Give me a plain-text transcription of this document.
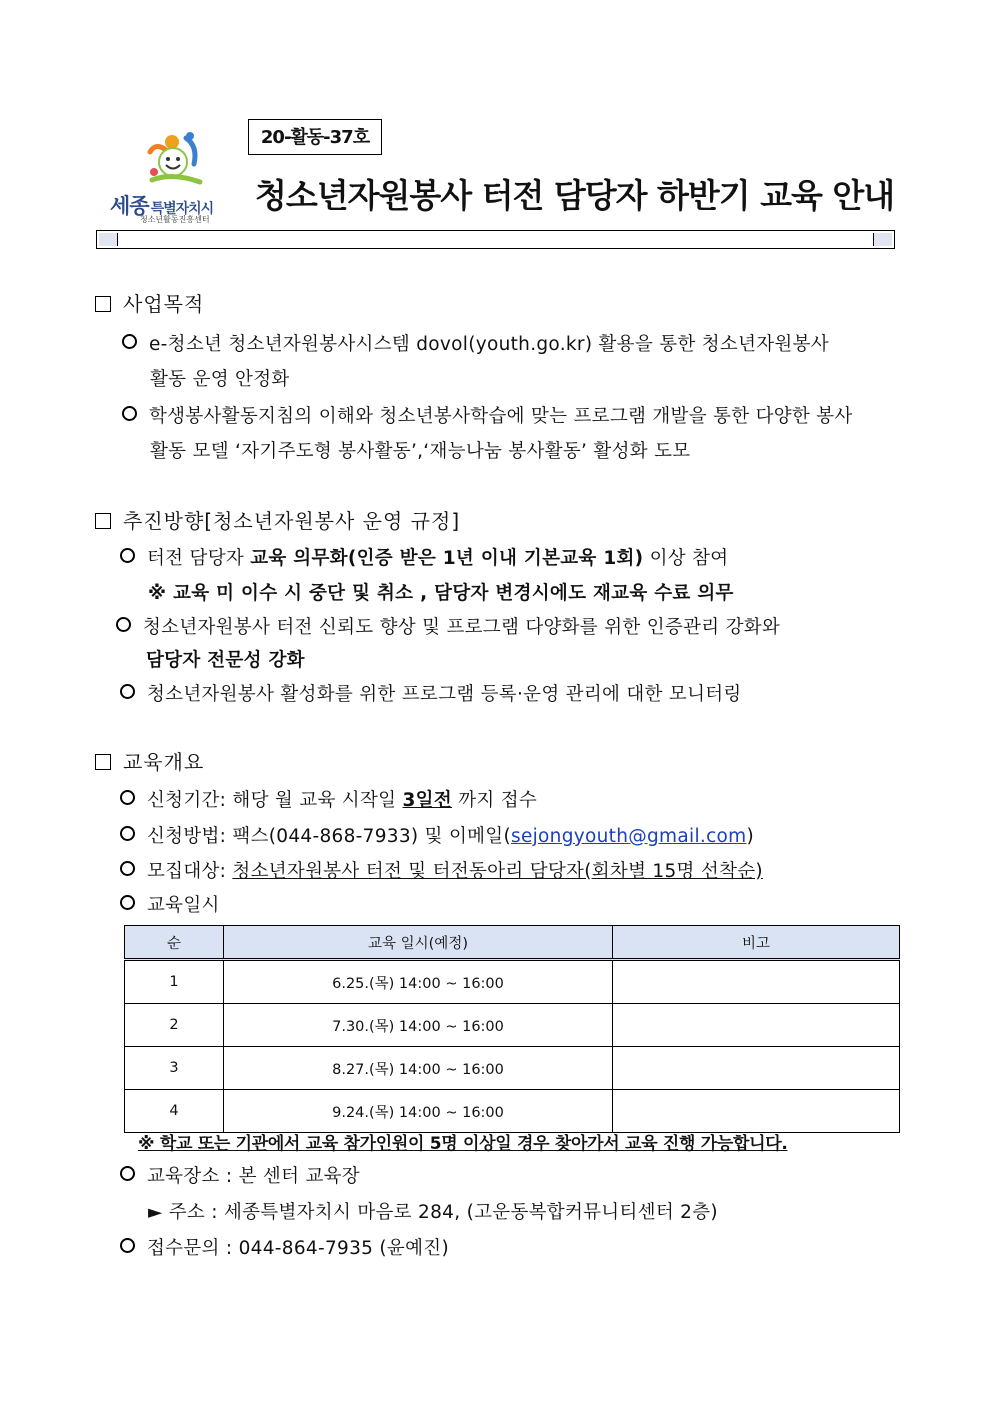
세종 특별자치시
청소년활동진흥센터
20-활동-37호
청소년자원봉사 터전 담당자 하반기 교육 안내
사업목적
e-청소년 청소년자원봉사시스템 dovol(youth.go.kr) 활용을 통한 청소년자원봉사
활동 운영 안정화
학생봉사활동지침의 이해와 청소년봉사학습에 맞는 프로그램 개발을 통한 다양한 봉사
활동 모델 ‘자기주도형 봉사활동’,‘재능나눔 봉사활동’ 활성화 도모
추진방향[청소년자원봉사 운영 규정]
터전 담당자 교육 의무화(인증 받은 1년 이내 기본교육 1회) 이상 참여
※ 교육 미 이수 시 중단 및 취소 , 담당자 변경시에도 재교육 수료 의무
청소년자원봉사 터전 신뢰도 향상 및 프로그램 다양화를 위한 인증관리 강화와
담당자 전문성 강화
청소년자원봉사 활성화를 위한 프로그램 등록·운영 관리에 대한 모니터링
교육개요
신청기간: 해당 월 교육 시작일 3일전 까지 접수
신청방법: 팩스(044-868-7933) 및 이메일(sejongyouth@gmail.com)
모집대상: 청소년자원봉사 터전 및 터전동아리 담당자(회차별 15명 선착순)
교육일시
순	교육 일시(예정)	비고
1	6.25.(목) 14:00 ~ 16:00	
2	7.30.(목) 14:00 ~ 16:00	
3	8.27.(목) 14:00 ~ 16:00	
4	9.24.(목) 14:00 ~ 16:00	
※ 학교 또는 기관에서 교육 참가인원이 5명 이상일 경우 찾아가서 교육 진행 가능합니다.
교육장소 : 본 센터 교육장
► 주소 : 세종특별자치시 마음로 284, (고운동복합커뮤니티센터 2층)
접수문의 : 044-864-7935 (윤예진)
